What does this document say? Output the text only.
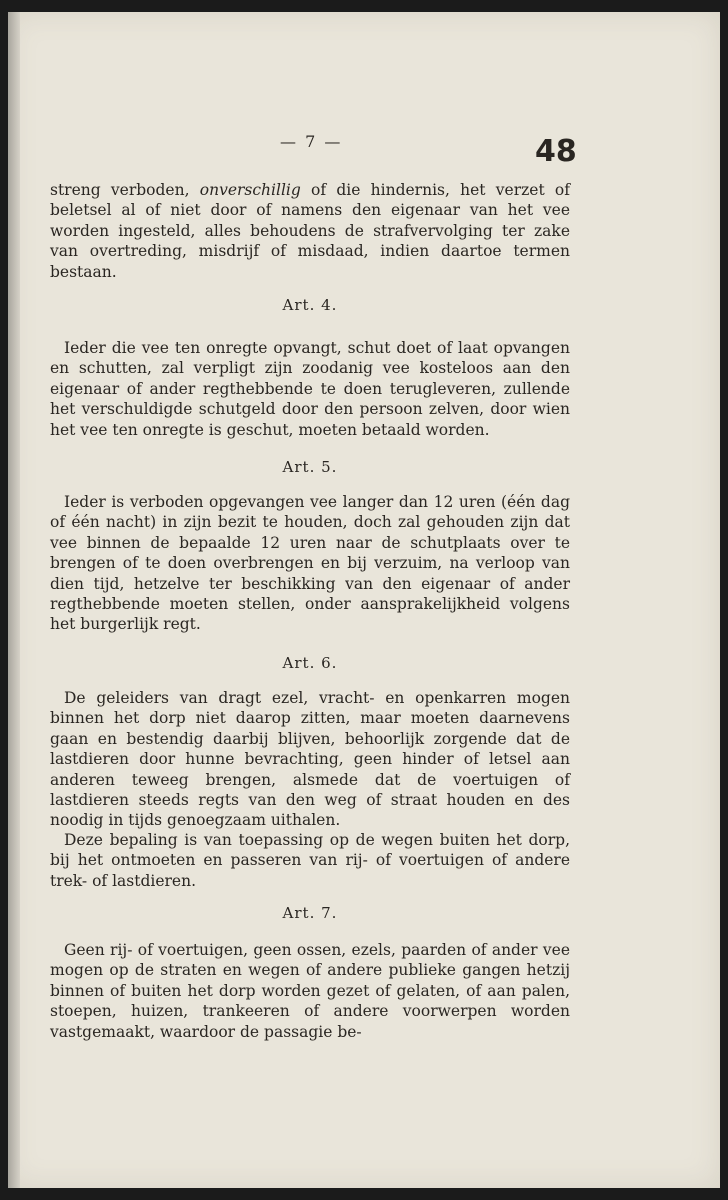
— 7 —	48

streng verboden, onverschillig of die hindernis, het verzet of beletsel al of niet door of namens den eigenaar van het vee worden ingesteld, alles behoudens de strafvervolging ter zake van overtreding, misdrijf of misdaad, indien daartoe termen bestaan.

Art. 4.

Ieder die vee ten onregte opvangt, schut doet of laat opvangen en schutten, zal verpligt zijn zoodanig vee kosteloos aan den eigenaar of ander regthebbende te doen terugleveren, zullende het verschuldigde schutgeld door den persoon zelven, door wien het vee ten onregte is geschut, moeten betaald worden.

Art. 5.

Ieder is verboden opgevangen vee langer dan 12 uren (één dag of één nacht) in zijn bezit te houden, doch zal gehouden zijn dat vee binnen de bepaalde 12 uren naar de schutplaats over te brengen of te doen overbrengen en bij verzuim, na verloop van dien tijd, hetzelve ter beschikking van den eigenaar of ander regthebbende moeten stellen, onder aansprakelijkheid volgens het burgerlijk regt.

Art. 6.

De geleiders van dragt ezel, vracht- en openkarren mogen binnen het dorp niet daarop zitten, maar moeten daarnevens gaan en bestendig daarbij blijven, behoorlijk zorgende dat de lastdieren door hunne bevrachting, geen hinder of letsel aan anderen teweeg brengen, alsmede dat de voertuigen of lastdieren steeds regts van den weg of straat houden en des noodig in tijds genoegzaam uithalen.

Deze bepaling is van toepassing op de wegen buiten het dorp, bij het ontmoeten en passeren van rij- of voertuigen of andere trek- of lastdieren.

Art. 7.

Geen rij- of voertuigen, geen ossen, ezels, paarden of ander vee mogen op de straten en wegen of andere publieke gangen hetzij binnen of buiten het dorp worden gezet of gelaten, of aan palen, stoepen, huizen, trankeeren of andere voorwerpen worden vastgemaakt, waardoor de passagie be-
